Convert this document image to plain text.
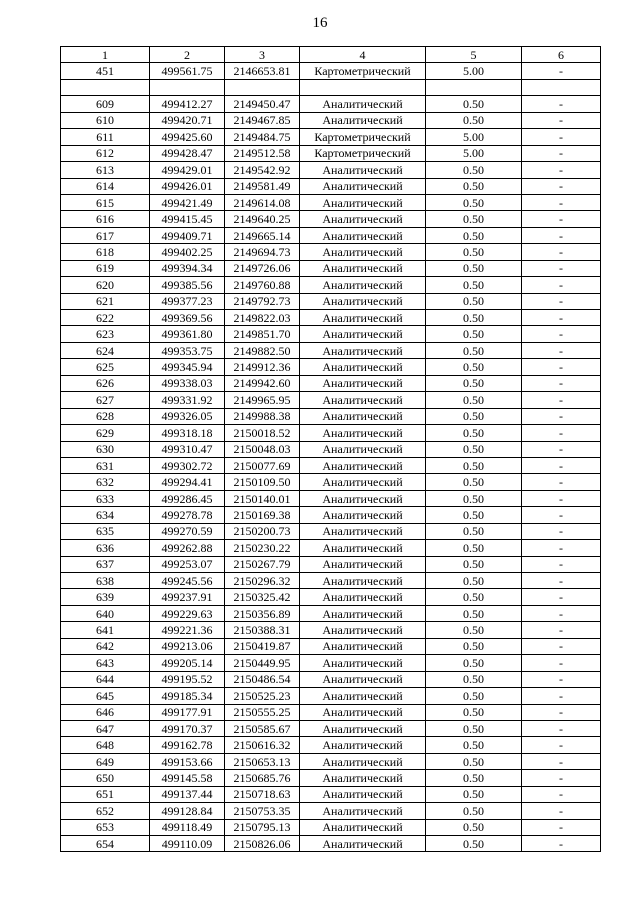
16
1	2	3	4	5	6
451	499561.75	2146653.81	Картометрический	5.00	-

609	499412.27	2149450.47	Аналитический	0.50	-
610	499420.71	2149467.85	Аналитический	0.50	-
611	499425.60	2149484.75	Картометрический	5.00	-
612	499428.47	2149512.58	Картометрический	5.00	-
613	499429.01	2149542.92	Аналитический	0.50	-
614	499426.01	2149581.49	Аналитический	0.50	-
615	499421.49	2149614.08	Аналитический	0.50	-
616	499415.45	2149640.25	Аналитический	0.50	-
617	499409.71	2149665.14	Аналитический	0.50	-
618	499402.25	2149694.73	Аналитический	0.50	-
619	499394.34	2149726.06	Аналитический	0.50	-
620	499385.56	2149760.88	Аналитический	0.50	-
621	499377.23	2149792.73	Аналитический	0.50	-
622	499369.56	2149822.03	Аналитический	0.50	-
623	499361.80	2149851.70	Аналитический	0.50	-
624	499353.75	2149882.50	Аналитический	0.50	-
625	499345.94	2149912.36	Аналитический	0.50	-
626	499338.03	2149942.60	Аналитический	0.50	-
627	499331.92	2149965.95	Аналитический	0.50	-
628	499326.05	2149988.38	Аналитический	0.50	-
629	499318.18	2150018.52	Аналитический	0.50	-
630	499310.47	2150048.03	Аналитический	0.50	-
631	499302.72	2150077.69	Аналитический	0.50	-
632	499294.41	2150109.50	Аналитический	0.50	-
633	499286.45	2150140.01	Аналитический	0.50	-
634	499278.78	2150169.38	Аналитический	0.50	-
635	499270.59	2150200.73	Аналитический	0.50	-
636	499262.88	2150230.22	Аналитический	0.50	-
637	499253.07	2150267.79	Аналитический	0.50	-
638	499245.56	2150296.32	Аналитический	0.50	-
639	499237.91	2150325.42	Аналитический	0.50	-
640	499229.63	2150356.89	Аналитический	0.50	-
641	499221.36	2150388.31	Аналитический	0.50	-
642	499213.06	2150419.87	Аналитический	0.50	-
643	499205.14	2150449.95	Аналитический	0.50	-
644	499195.52	2150486.54	Аналитический	0.50	-
645	499185.34	2150525.23	Аналитический	0.50	-
646	499177.91	2150555.25	Аналитический	0.50	-
647	499170.37	2150585.67	Аналитический	0.50	-
648	499162.78	2150616.32	Аналитический	0.50	-
649	499153.66	2150653.13	Аналитический	0.50	-
650	499145.58	2150685.76	Аналитический	0.50	-
651	499137.44	2150718.63	Аналитический	0.50	-
652	499128.84	2150753.35	Аналитический	0.50	-
653	499118.49	2150795.13	Аналитический	0.50	-
654	499110.09	2150826.06	Аналитический	0.50	-
